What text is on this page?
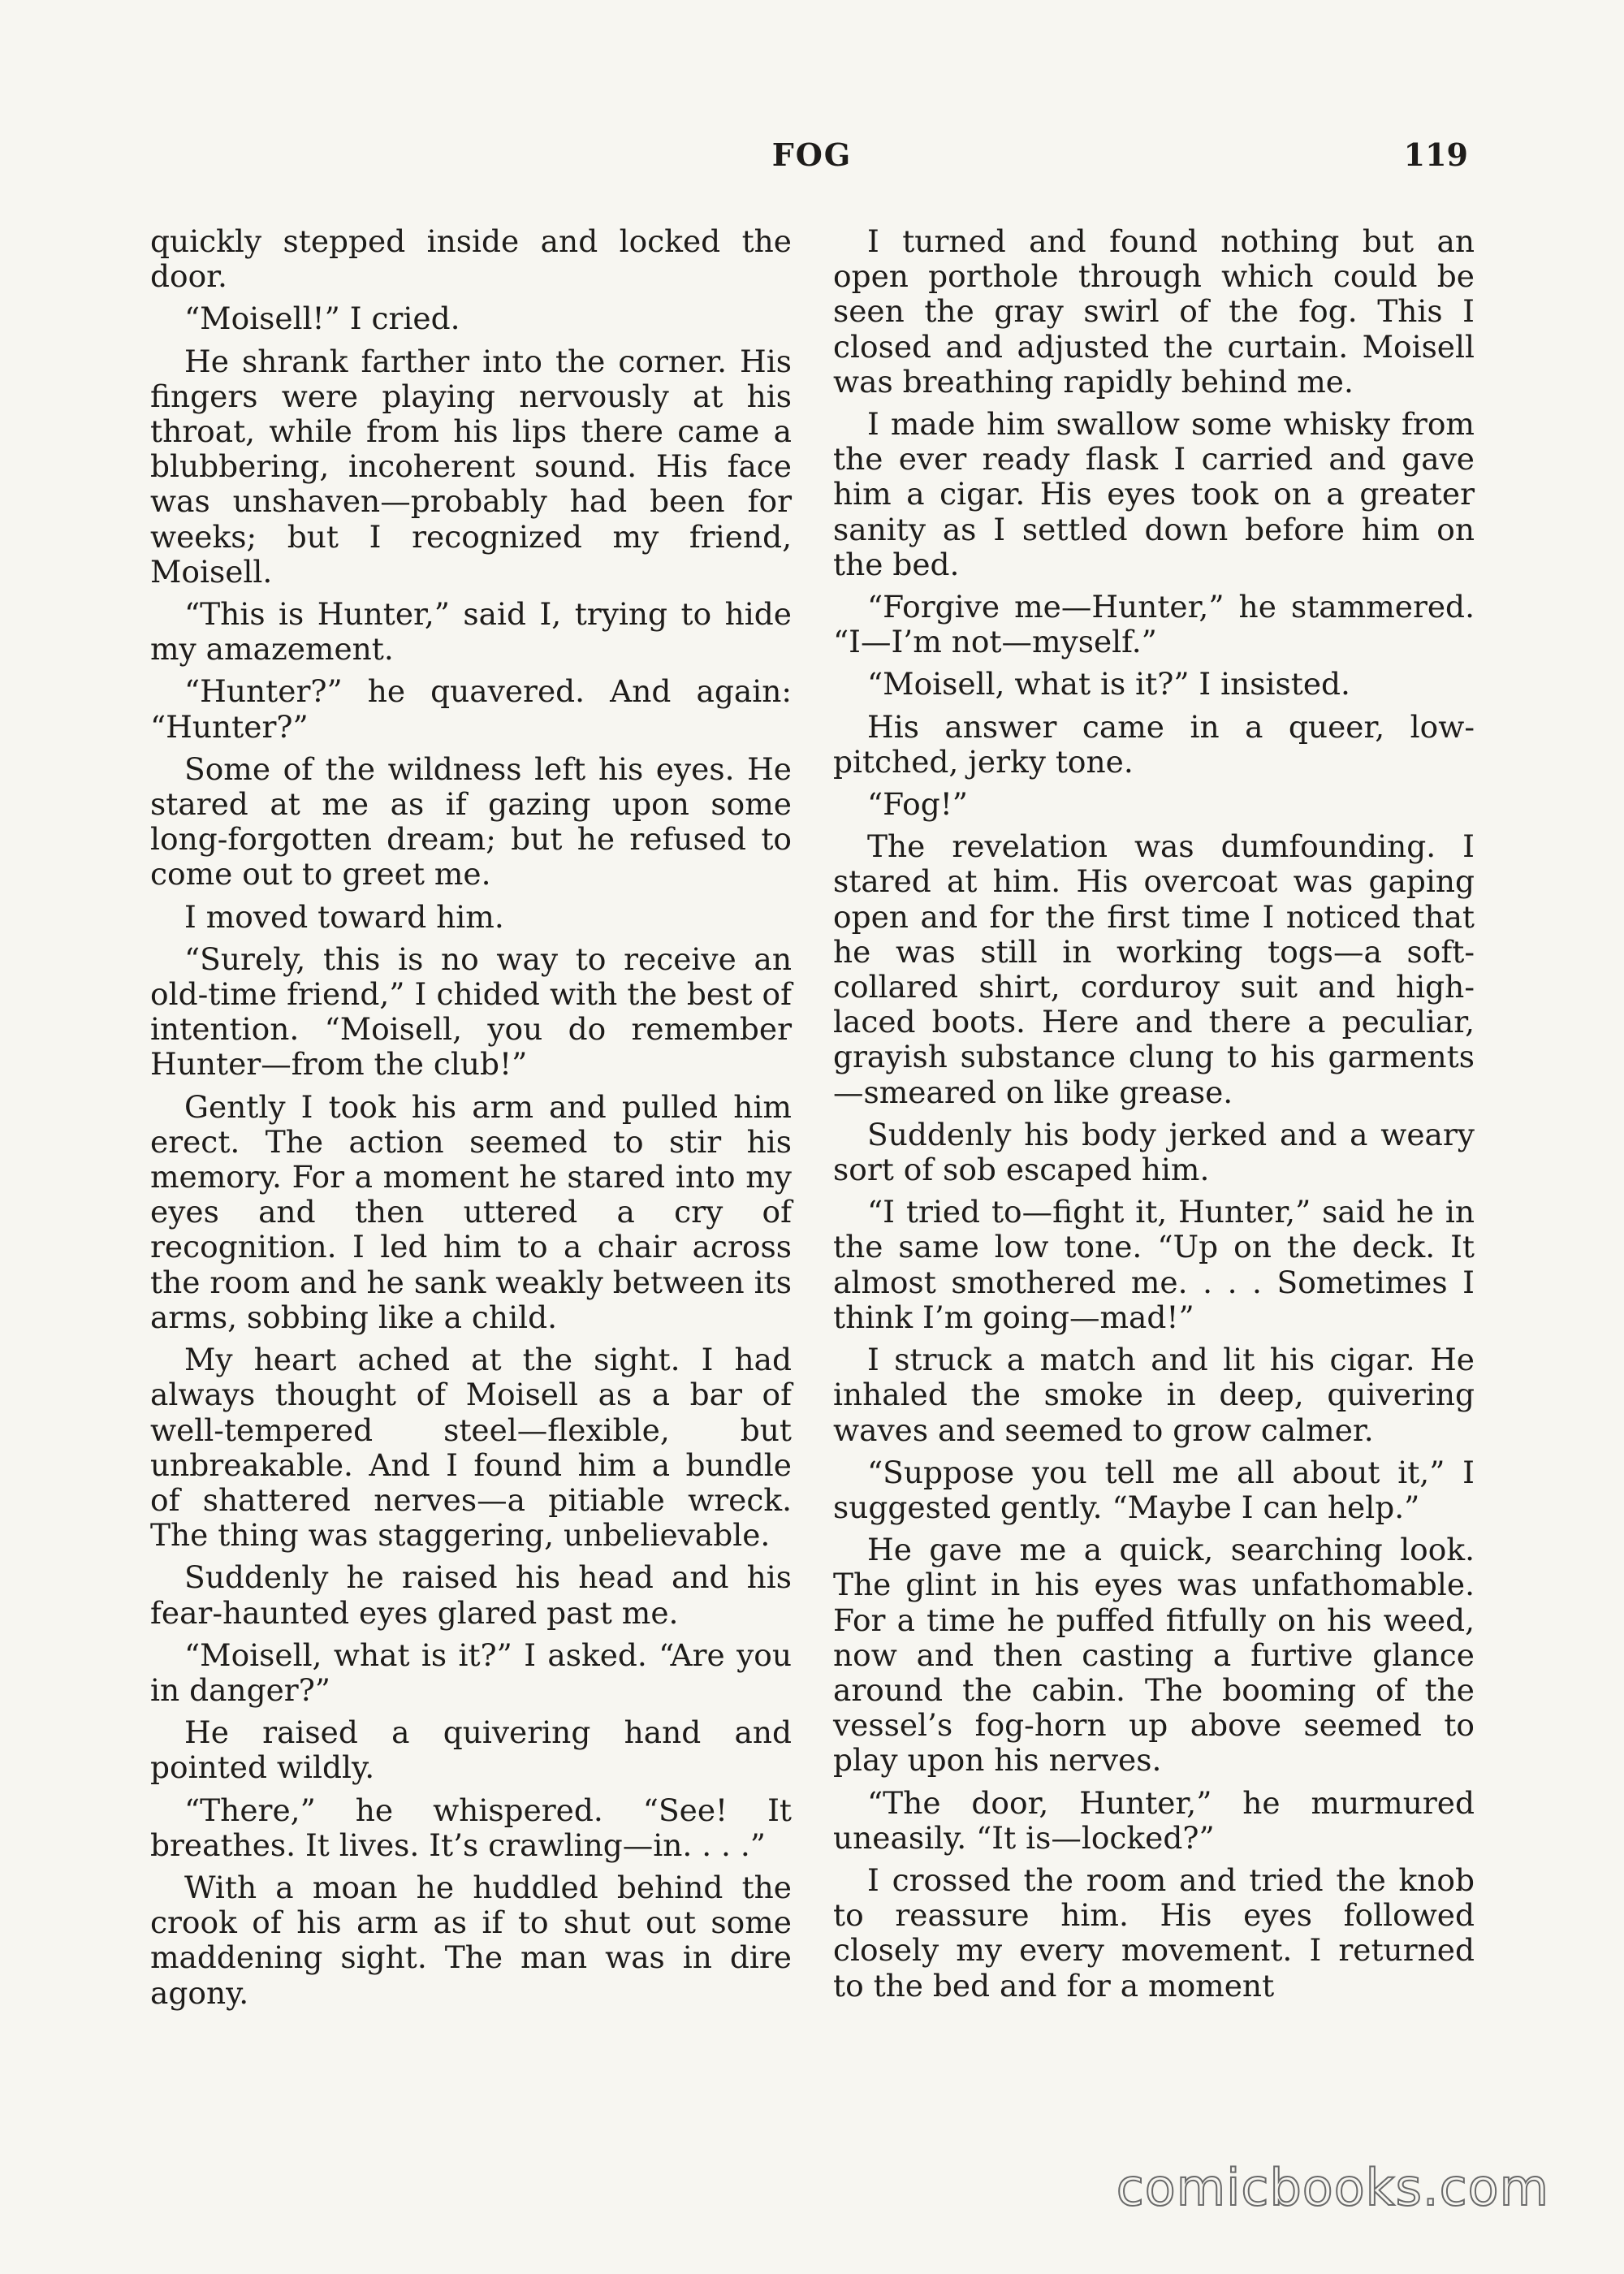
FOG	119

quickly stepped inside and locked the door.

“Moisell!” I cried.

He shrank farther into the corner. His fingers were playing nervously at his throat, while from his lips there came a blubbering, incoherent sound. His face was unshaven—probably had been for weeks; but I recognized my friend, Moisell.

“This is Hunter,” said I, trying to hide my amazement.

“Hunter?” he quavered. And again: “Hunter?”

Some of the wildness left his eyes. He stared at me as if gazing upon some long-forgotten dream; but he refused to come out to greet me.

I moved toward him.

“Surely, this is no way to receive an old-time friend,” I chided with the best of intention. “Moisell, you do remember Hunter—from the club!”

Gently I took his arm and pulled him erect. The action seemed to stir his memory. For a moment he stared into my eyes and then uttered a cry of recognition. I led him to a chair across the room and he sank weakly between its arms, sobbing like a child.

My heart ached at the sight. I had always thought of Moisell as a bar of well-tempered steel—flexible, but unbreakable. And I found him a bundle of shattered nerves—a pitiable wreck. The thing was staggering, unbelievable.

Suddenly he raised his head and his fear-haunted eyes glared past me.

“Moisell, what is it?” I asked. “Are you in danger?”

He raised a quivering hand and pointed wildly.

“There,” he whispered. “See! It breathes. It lives. It’s crawling—in. . . .”

With a moan he huddled behind the crook of his arm as if to shut out some maddening sight. The man was in dire agony.

I turned and found nothing but an open porthole through which could be seen the gray swirl of the fog. This I closed and adjusted the curtain. Moisell was breathing rapidly behind me.

I made him swallow some whisky from the ever ready flask I carried and gave him a cigar. His eyes took on a greater sanity as I settled down before him on the bed.

“Forgive me—Hunter,” he stammered. “I—I’m not—myself.”

“Moisell, what is it?” I insisted.

His answer came in a queer, low-pitched, jerky tone.

“Fog!”

The revelation was dumfounding. I stared at him. His overcoat was gaping open and for the first time I noticed that he was still in working togs—a soft-collared shirt, corduroy suit and high-laced boots. Here and there a peculiar, grayish substance clung to his garments—smeared on like grease.

Suddenly his body jerked and a weary sort of sob escaped him.

“I tried to—fight it, Hunter,” said he in the same low tone. “Up on the deck. It almost smothered me. . . . Sometimes I think I’m going—mad!”

I struck a match and lit his cigar. He inhaled the smoke in deep, quivering waves and seemed to grow calmer.

“Suppose you tell me all about it,” I suggested gently. “Maybe I can help.”

He gave me a quick, searching look. The glint in his eyes was unfathomable. For a time he puffed fitfully on his weed, now and then casting a furtive glance around the cabin. The booming of the vessel’s fog-horn up above seemed to play upon his nerves.

“The door, Hunter,” he murmured uneasily. “It is—locked?”

I crossed the room and tried the knob to reassure him. His eyes followed closely my every movement. I returned to the bed and for a moment

comicbooks.com
